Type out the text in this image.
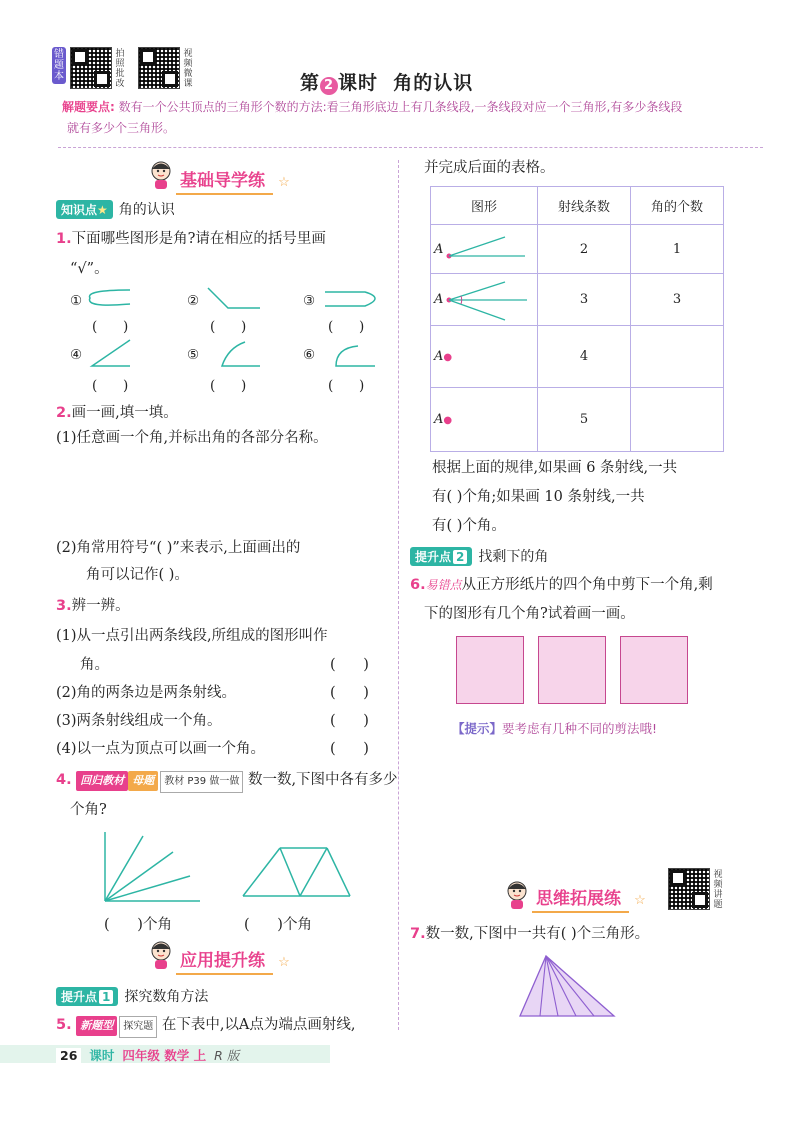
错
题
本
拍
照
批
改
视
频
微
课	第 2 课时 角的认识
解题要点: 数有一个公共顶点的三角形个数的方法:看三角形底边上有几条线段,一条线段对应一个三角形,有多少条线段
就有多少个三角形。
基础导学练 ☆
知识点★ 角的认识
1.下面哪些图形是角?请在相应的括号里画
“√”。
①	②	③
④	⑤	⑥
(      )	(      )	(      )
(      )	(      )	(      )
2.画一画,填一填。
(1)任意画一个角,并标出角的各部分名称。
(2)角常用符号“( )”来表示,上面画出的
角可以记作( )。
3.辨一辨。
(1)从一点引出两条线段,所组成的图形叫作
角。	(      )
(2)角的两条边是两条射线。	(      )
(3)两条射线组成一个角。	(      )
(4)以一点为顶点可以画一个角。	(      )
4. 回归教材 母题 教材 P39 做一做 数一数,下图中各有多少
个角?
(      )个角	(      )个角
应用提升练 ☆
提升点 1 探究数角方法
5. 新题型 探究题 在下表中,以A点为端点画射线,
并完成后面的表格。
图形	射线条数	角的个数
A	2	1
A	3	3
A●	4	
A●	5	
根据上面的规律,如果画 6 条射线,一共
有( )个角;如果画 10 条射线,一共
有( )个角。
提升点 2 找剩下的角
6.易错点从正方形纸片的四个角中剪下一个角,剩
下的图形有几个角?试着画一画。
【提示】要考虑有几种不同的剪法哦!
思维拓展练 ☆
视
频
讲
题
7.数一数,下图中一共有( )个三角形。
26 课时 四年级 数学 上 R 版
